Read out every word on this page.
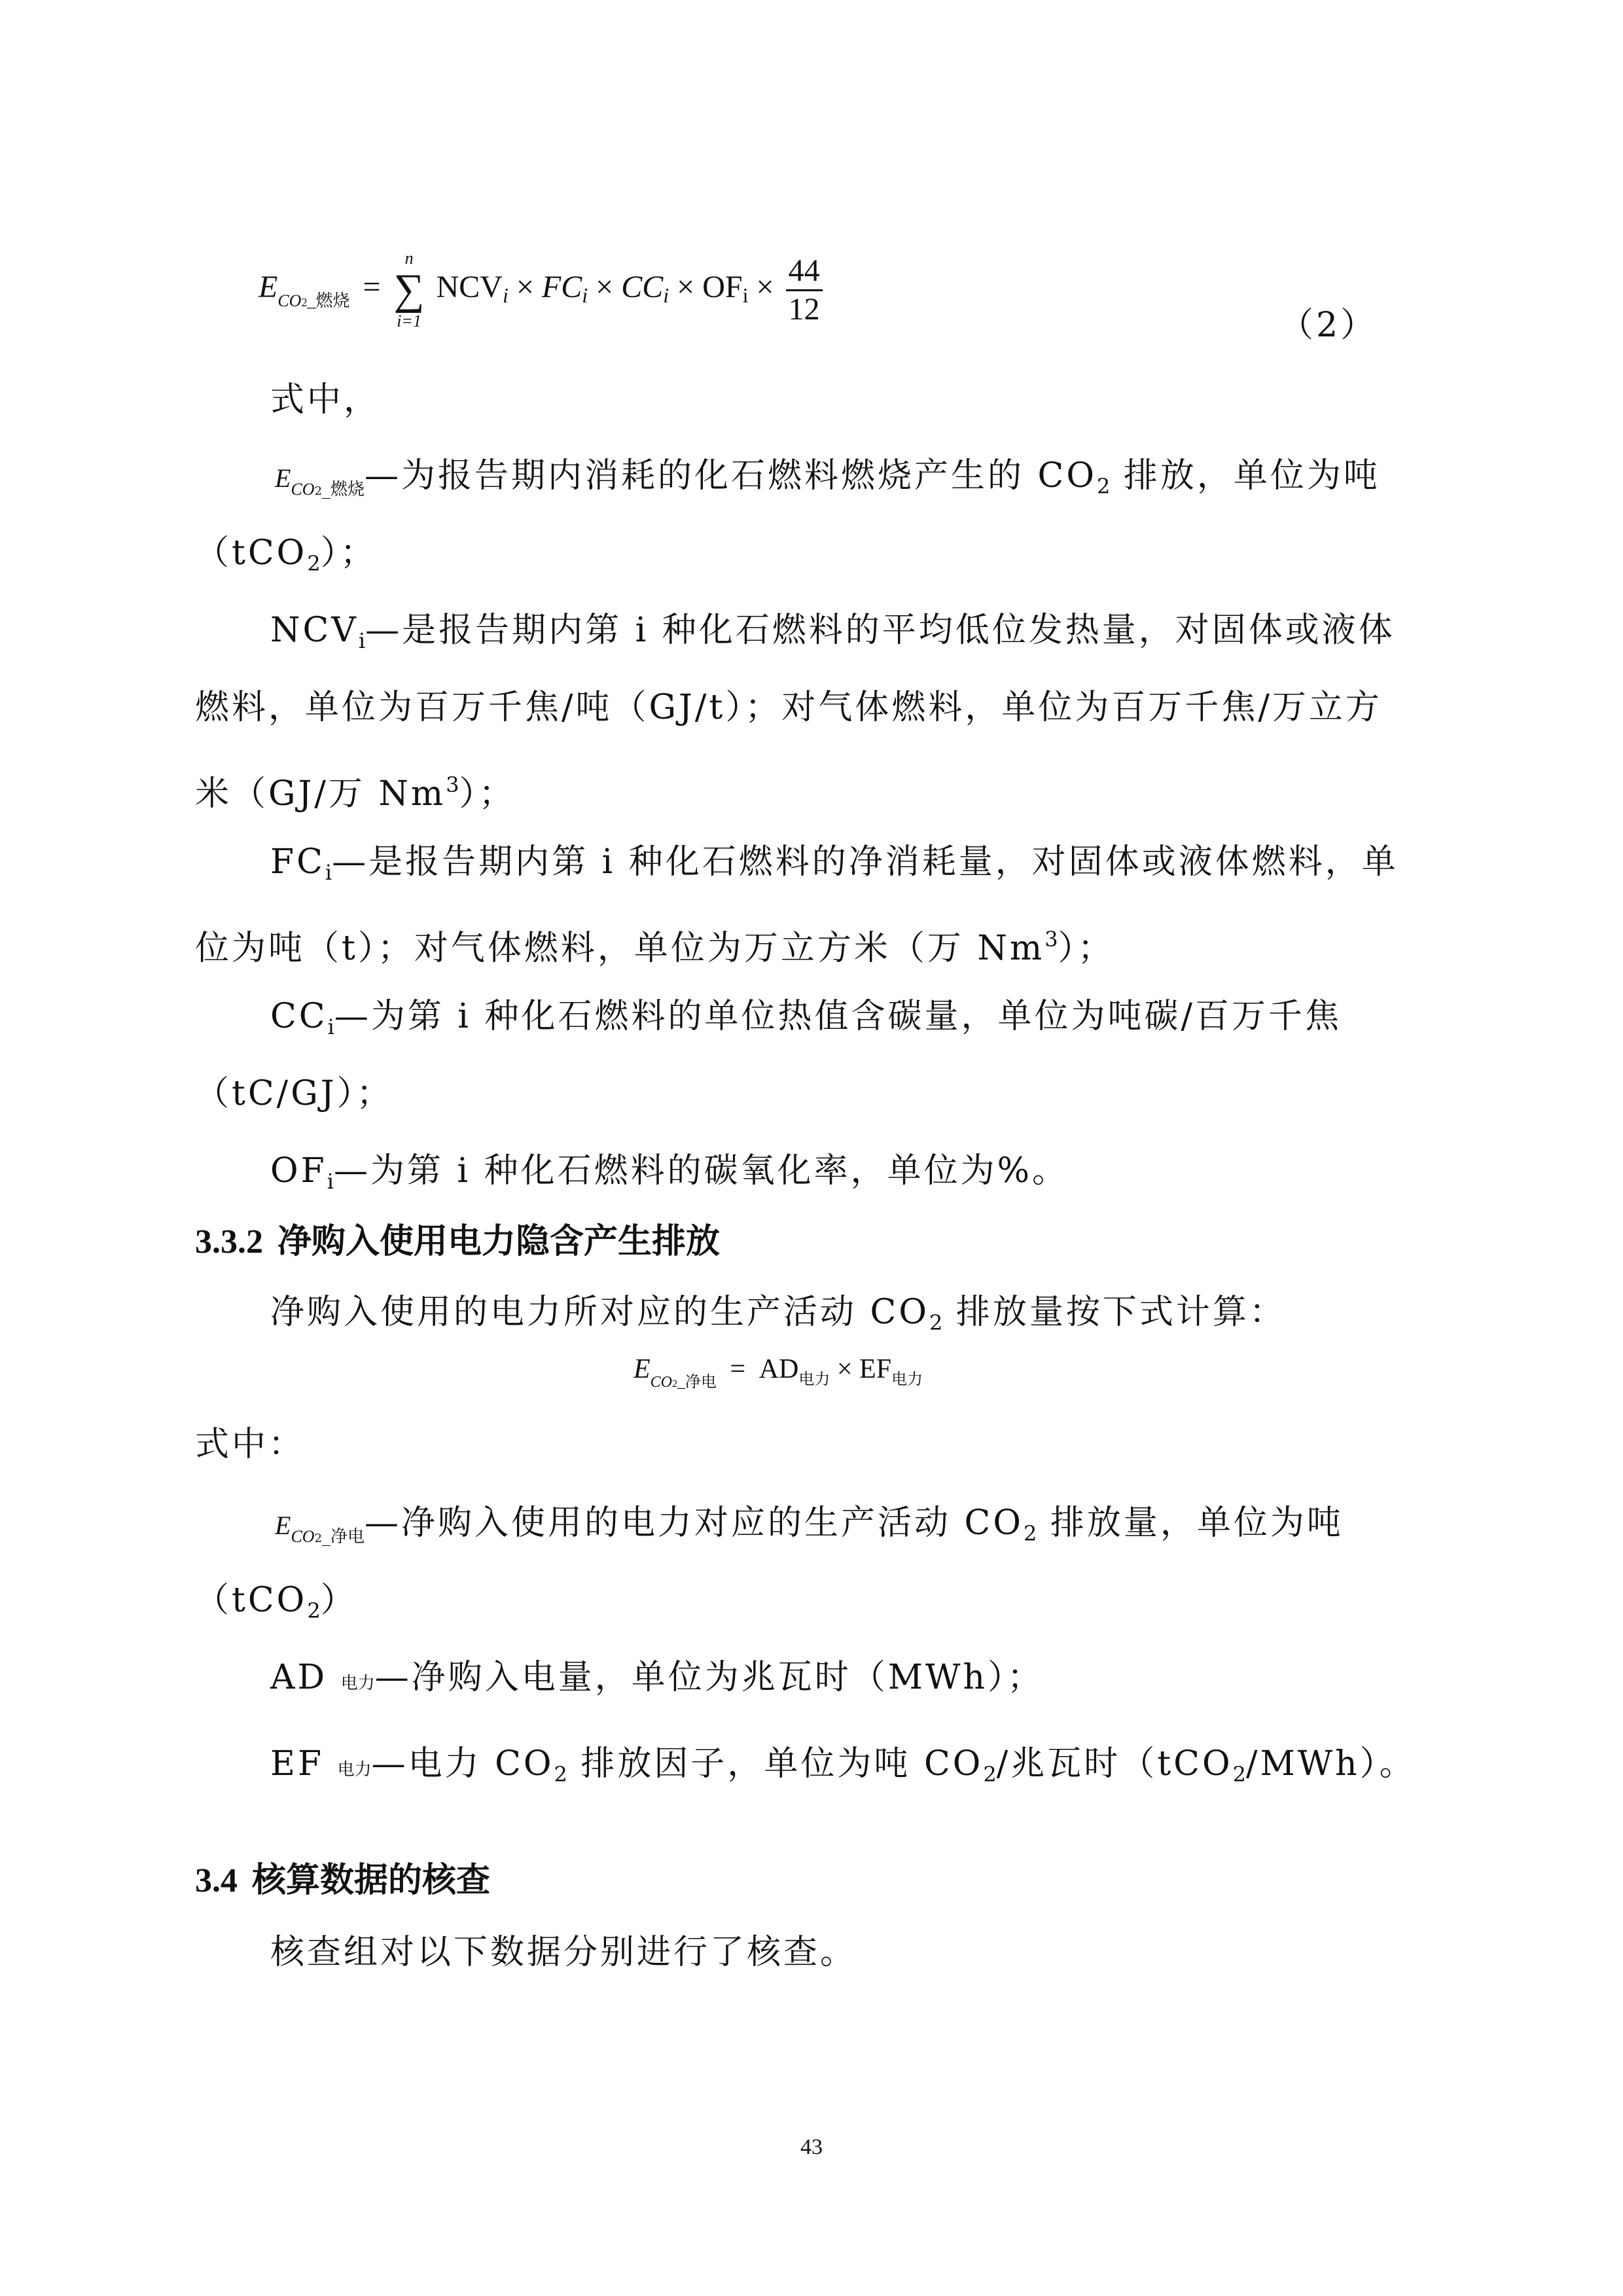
$E_{CO2\_燃烧}$ =
n
∑
i=1
NCVi × FCi × CCi × OFi × $\frac{44}{12}$	（2）
式中，
$E_{CO2\_燃烧}—$为报告期内消耗的化石燃料燃烧产生的 $CO_2$ 排放，单位为吨
（tCO$_2$）；
$NCV_i—$是报告期内第 i 种化石燃料的平均低位发热量，对固体或液体
燃料，单位为百万千焦/吨（GJ/t）；对气体燃料，单位为百万千焦/万立方
米（GJ/万 Nm$^3$）；
$FC_i—$是报告期内第 i 种化石燃料的净消耗量，对固体或液体燃料，单
位为吨（t）；对气体燃料，单位为万立方米（万 Nm$^3$）；
$CC_i—$为第 i 种化石燃料的单位热值含碳量，单位为吨碳/百万千焦
（tC/GJ）；
$OF_i—$为第 i 种化石燃料的碳氧化率，单位为%。
3.3.2 净购入使用电力隐含产生排放
净购入使用的电力所对应的生产活动 $CO_2$ 排放量按下式计算：
$E_{CO2\_净电} = AD_{电力} \times EF_{电力}$
式中：
$E_{CO2\_净电}—$净购入使用的电力对应的生产活动 $CO_2$ 排放量，单位为吨
（tCO$_2$）
AD 电力—净购入电量，单位为兆瓦时（MWh）；
EF 电力—电力 $CO_2$ 排放因子，单位为吨 $CO_2/$兆瓦时（tCO$_2$/MWh）。
3.4 核算数据的核查
核查组对以下数据分别进行了核查。
43
